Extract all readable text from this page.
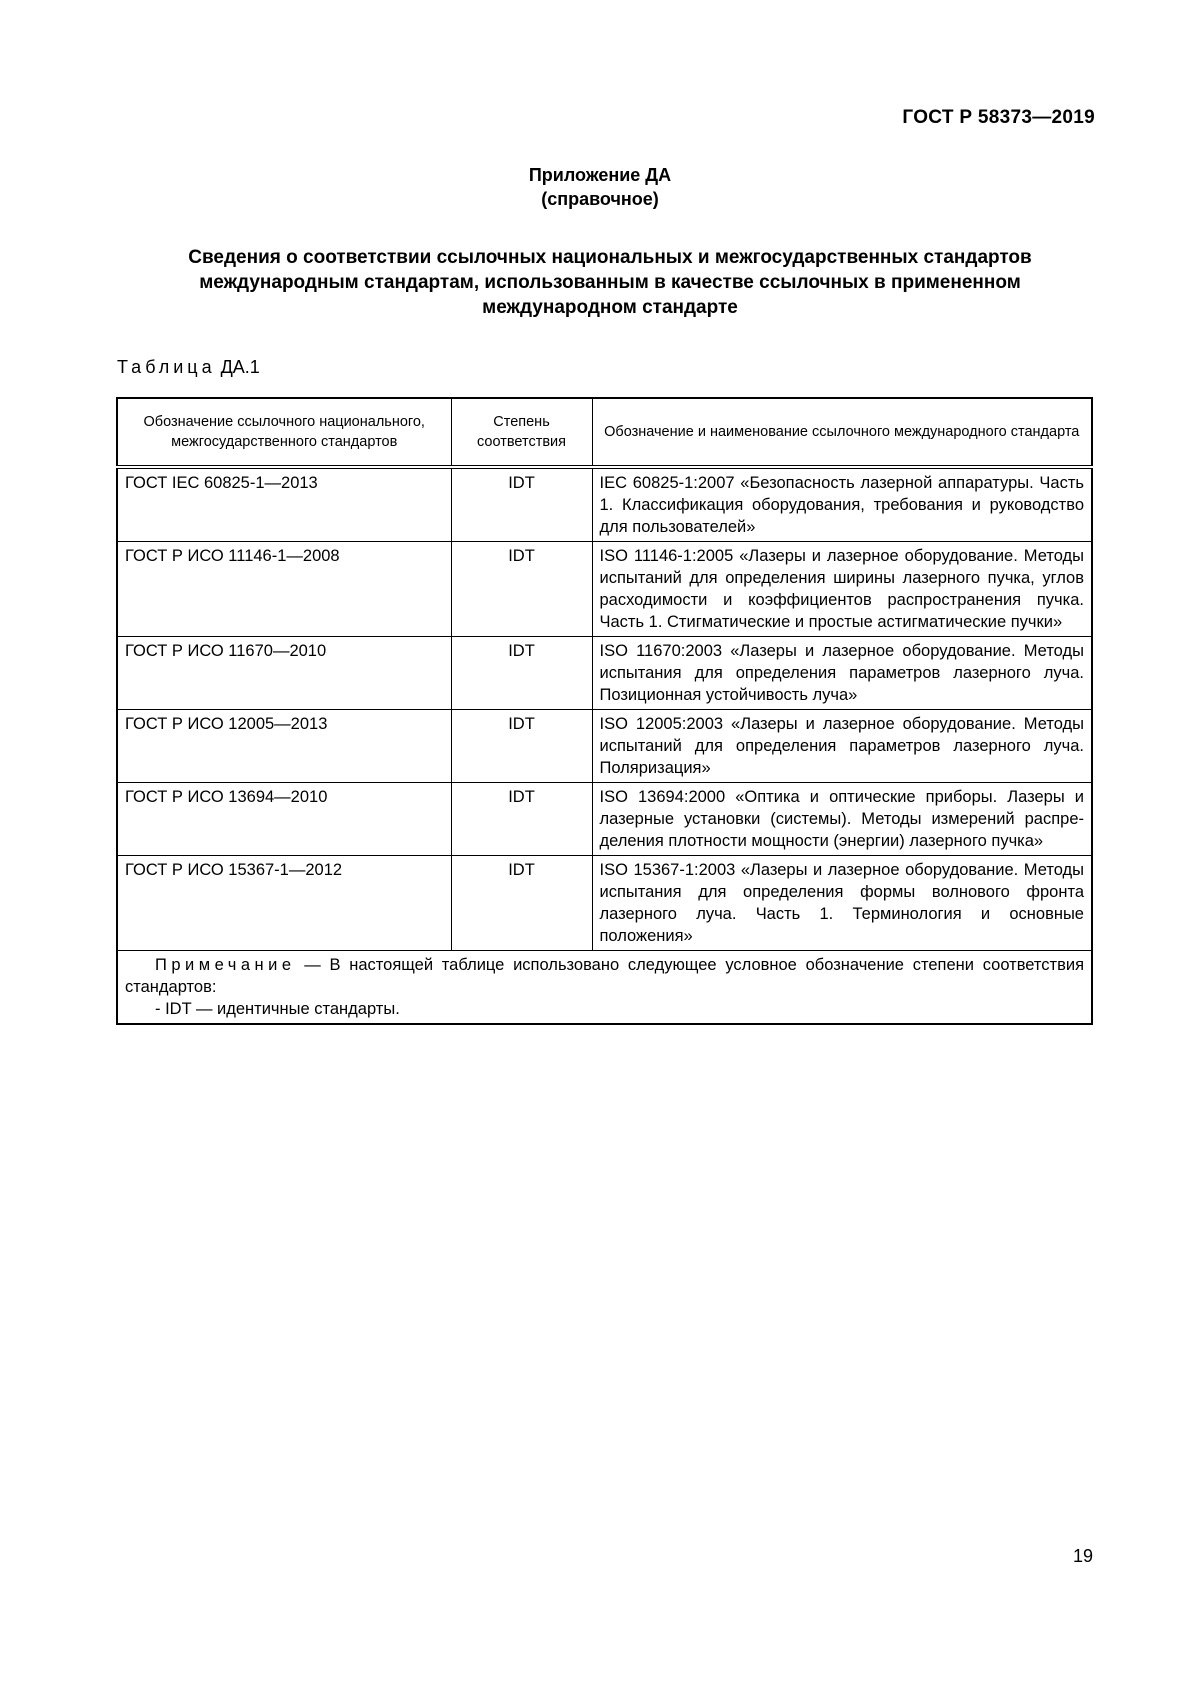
ГОСТ Р 58373—2019
Приложение ДА
(справочное)
Сведения о соответствии ссылочных национальных и межгосударственных стандартов международным стандартам, использованным в качестве ссылочных в примененном международном стандарте
Таблица ДА.1
Обозначение ссылочного национального, межгосударственного стандартов	Степень соответствия	Обозначение и наименование ссылочного международного стандарта
ГОСТ IEC 60825-1—2013	IDT	IEC 60825-1:2007 «Безопасность лазерной аппаратуры. Часть 1. Классификация оборудования, требования и руководство для пользователей»
ГОСТ Р ИСО 11146-1—2008	IDT	ISO 11146-1:2005 «Лазеры и лазерное оборудование. Методы испытаний для определения ширины лазерного пучка, углов расходимости и коэффициентов распространения пучка. Часть 1. Стигматические и простые астигматические пучки»
ГОСТ Р ИСО 11670—2010	IDT	ISO 11670:2003 «Лазеры и лазерное оборудование. Методы испытания для определения параметров лазерного луча. Позиционная устойчивость луча»
ГОСТ Р ИСО 12005—2013	IDT	ISO 12005:2003 «Лазеры и лазерное оборудование. Методы испытаний для определения параметров лазерного луча. Поляризация»
ГОСТ Р ИСО 13694—2010	IDT	ISO 13694:2000 «Оптика и оптические приборы. Лазеры и лазерные установки (системы). Методы измерений распределения плотности мощности (энергии) лазерного пучка»
ГОСТ Р ИСО 15367-1—2012	IDT	ISO 15367-1:2003 «Лазеры и лазерное оборудование. Методы испытания для определения формы волнового фронта лазерного луча. Часть 1. Терминология и основные положения»

Примечание — В настоящей таблице использовано следующее условное обозначение степени соответствия стандартов:
- IDT — идентичные стандарты.		
19
